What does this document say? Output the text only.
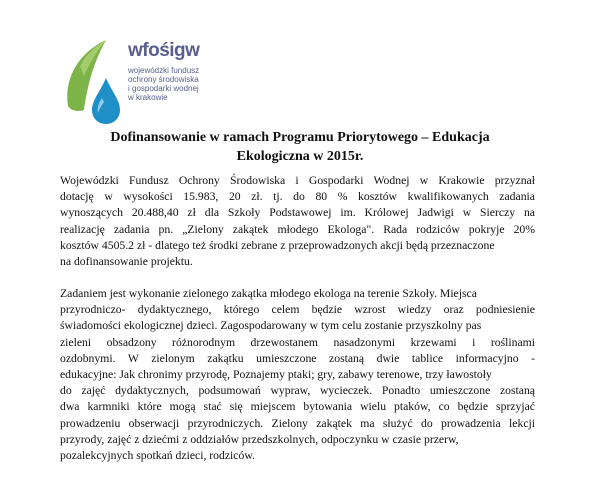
wfośigw
wojewódzki fundusz
ochrony środowiska
i gospodarki wodnej
w krakowie
Dofinansowanie w ramach Programu Priorytowego – Edukacja
Ekologiczna w 2015r.
Wojewódzki Fundusz Ochrony Środowiska i Gospodarki Wodnej w Krakowie przyznał
dotację w wysokości 15.983, 20 zł. tj. do 80 % kosztów kwalifikowanych zadania
wynoszących 20.488,40 zł dla Szkoły Podstawowej im. Królowej Jadwigi w Sierczy na
realizację zadania pn. „Zielony zakątek młodego Ekologa". Rada rodziców pokryje 20%
kosztów 4505.2 zł - dlatego też środki zebrane z przeprowadzonych akcji będą przeznaczone
na dofinansowanie projektu.
Zadaniem jest wykonanie zielonego zakątka młodego ekologa na terenie Szkoły. Miejsca
przyrodniczo- dydaktycznego, którego celem będzie wzrost wiedzy oraz podniesienie
świadomości ekologicznej dzieci. Zagospodarowany w tym celu zostanie przyszkolny pas
zieleni obsadzony różnorodnym drzewostanem nasadzonymi krzewami i roślinami
ozdobnymi. W zielonym zakątku umieszczone zostaną dwie tablice informacyjno -
edukacyjne: Jak chronimy przyrodę, Poznajemy ptaki; gry, zabawy terenowe, trzy ławostoły
do zajęć dydaktycznych, podsumowań wypraw, wycieczek. Ponadto umieszczone zostaną
dwa karmniki które mogą stać się miejscem bytowania wielu ptaków, co będzie sprzyjać
prowadzeniu obserwacji przyrodniczych. Zielony zakątek ma służyć do prowadzenia lekcji
przyrody, zajęć z dziećmi z oddziałów przedszkolnych, odpoczynku w czasie przerw,
pozalekcyjnych spotkań dzieci, rodziców.
